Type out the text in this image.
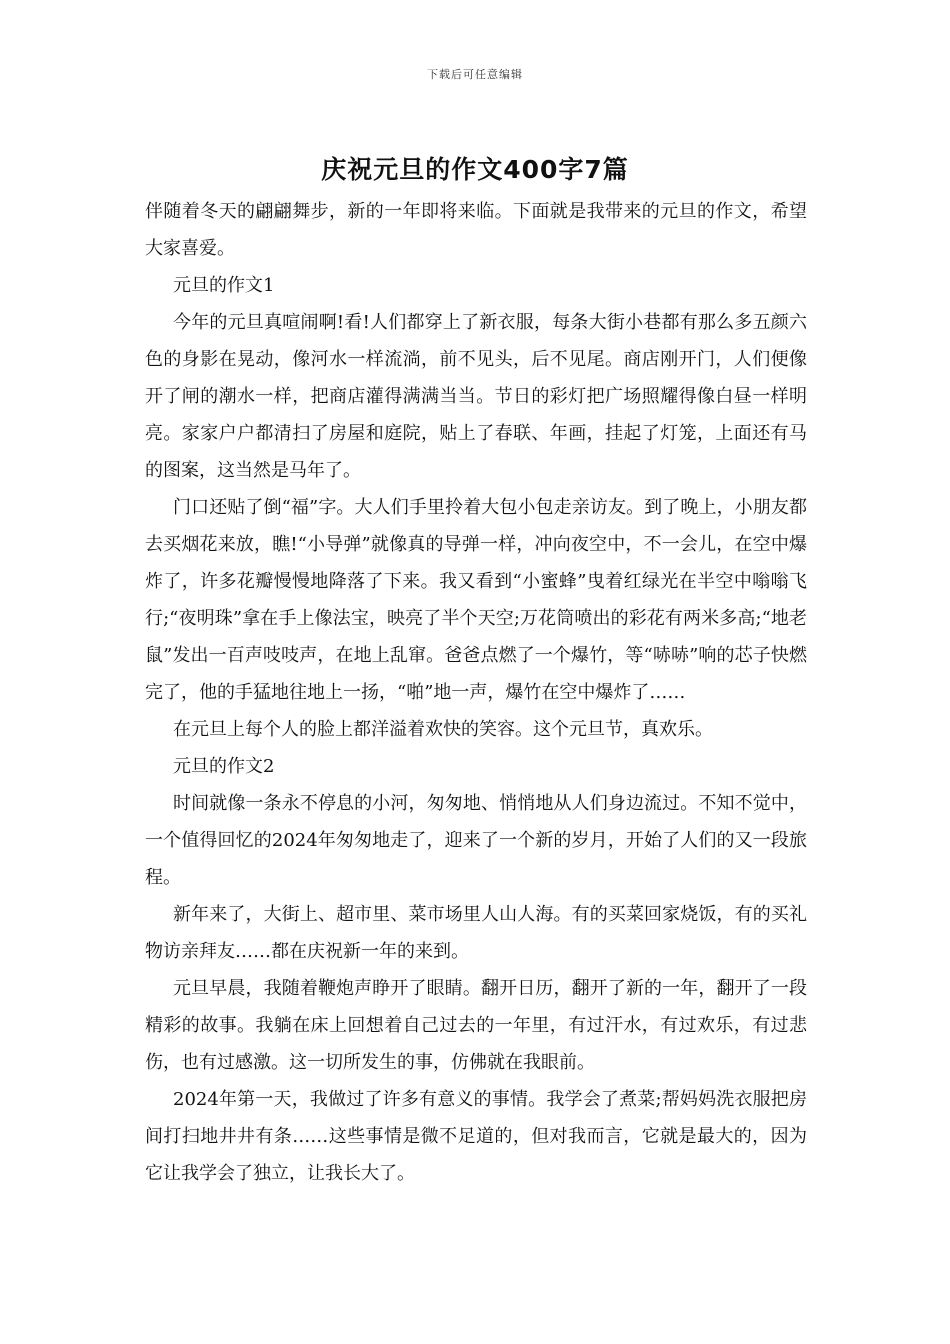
下载后可任意编辑
庆祝元旦的作文400字7篇

伴随着冬天的翩翩舞步，新的一年即将来临。下面就是我带来的元旦的作文，希望大家喜爱。

元旦的作文1

今年的元旦真喧闹啊!看!人们都穿上了新衣服，每条大街小巷都有那么多五颜六色的身影在晃动，像河水一样流淌，前不见头，后不见尾。商店刚开门，人们便像开了闸的潮水一样，把商店灌得满满当当。节日的彩灯把广场照耀得像白昼一样明亮。家家户户都清扫了房屋和庭院，贴上了春联、年画，挂起了灯笼，上面还有马的图案，这当然是马年了。

门口还贴了倒“福”字。大人们手里拎着大包小包走亲访友。到了晚上，小朋友都去买烟花来放，瞧!“小导弹”就像真的导弹一样，冲向夜空中，不一会儿，在空中爆炸了，许多花瓣慢慢地降落了下来。我又看到“小蜜蜂”曳着红绿光在半空中嗡嗡飞行;“夜明珠”拿在手上像法宝，映亮了半个天空;万花筒喷出的彩花有两米多高;“地老鼠”发出一百声吱吱声，在地上乱窜。爸爸点燃了一个爆竹，等“哧哧”响的芯子快燃完了，他的手猛地往地上一扬，“啪”地一声，爆竹在空中爆炸了……

在元旦上每个人的脸上都洋溢着欢快的笑容。这个元旦节，真欢乐。

元旦的作文2

时间就像一条永不停息的小河，匆匆地、悄悄地从人们身边流过。不知不觉中，一个值得回忆的2024年匆匆地走了，迎来了一个新的岁月，开始了人们的又一段旅程。

新年来了，大街上、超市里、菜市场里人山人海。有的买菜回家烧饭，有的买礼物访亲拜友……都在庆祝新一年的来到。

元旦早晨，我随着鞭炮声睁开了眼睛。翻开日历，翻开了新的一年，翻开了一段精彩的故事。我躺在床上回想着自己过去的一年里，有过汗水，有过欢乐，有过悲伤，也有过感激。这一切所发生的事，仿佛就在我眼前。

2024年第一天，我做过了许多有意义的事情。我学会了煮菜;帮妈妈洗衣服把房间打扫地井井有条……这些事情是微不足道的，但对我而言，它就是最大的，因为它让我学会了独立，让我长大了。
